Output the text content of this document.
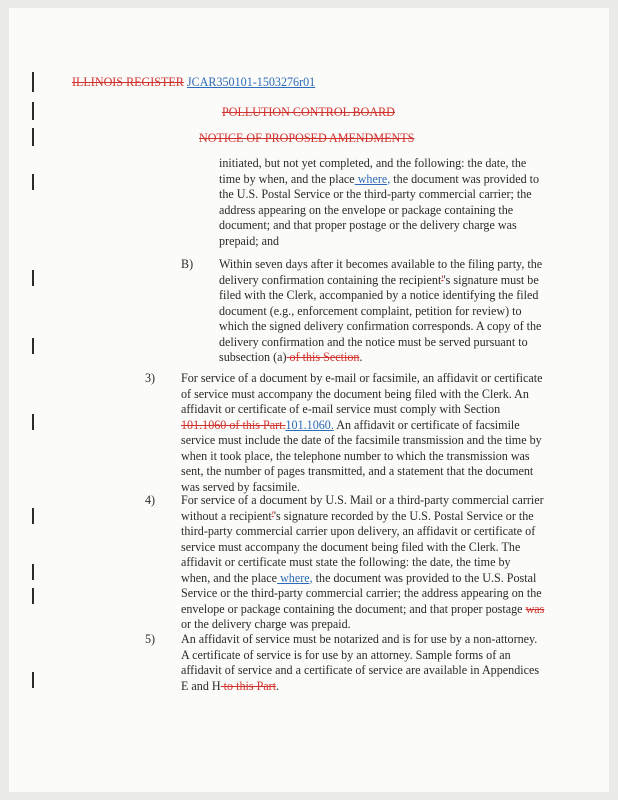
ILLINOIS REGISTER JCAR350101-1503276r01
POLLUTION CONTROL BOARD
NOTICE OF PROPOSED AMENDMENTS
initiated, but not yet completed, and the following: the date, the
time by when, and the place where, the document was provided to
the U.S. Postal Service or the third-party commercial carrier; the
address appearing on the envelope or package containing the
document; and that proper postage or the delivery charge was
prepaid; and
B) Within seven days after it becomes available to the filing party, the
delivery confirmation containing the recipient''s signature must be
filed with the Clerk, accompanied by a notice identifying the filed
document (e.g., enforcement complaint, petition for review) to
which the signed delivery confirmation corresponds. A copy of the
delivery confirmation and the notice must be served pursuant to
subsection (a) of this Section.
3) For service of a document by e-mail or facsimile, an affidavit or certificate
of service must accompany the document being filed with the Clerk. An
affidavit or certificate of e-mail service must comply with Section
101.1060 of this Part.101.1060. An affidavit or certificate of facsimile
service must include the date of the facsimile transmission and the time by
when it took place, the telephone number to which the transmission was
sent, the number of pages transmitted, and a statement that the document
was served by facsimile.
4) For service of a document by U.S. Mail or a third-party commercial carrier
without a recipient''s signature recorded by the U.S. Postal Service or the
third-party commercial carrier upon delivery, an affidavit or certificate of
service must accompany the document being filed with the Clerk. The
affidavit or certificate must state the following: the date, the time by
when, and the place where, the document was provided to the U.S. Postal
Service or the third-party commercial carrier; the address appearing on the
envelope or package containing the document; and that proper postage was
or the delivery charge was prepaid.
5) An affidavit of service must be notarized and is for use by a non-attorney.
A certificate of service is for use by an attorney. Sample forms of an
affidavit of service and a certificate of service are available in Appendices
E and H to this Part.
